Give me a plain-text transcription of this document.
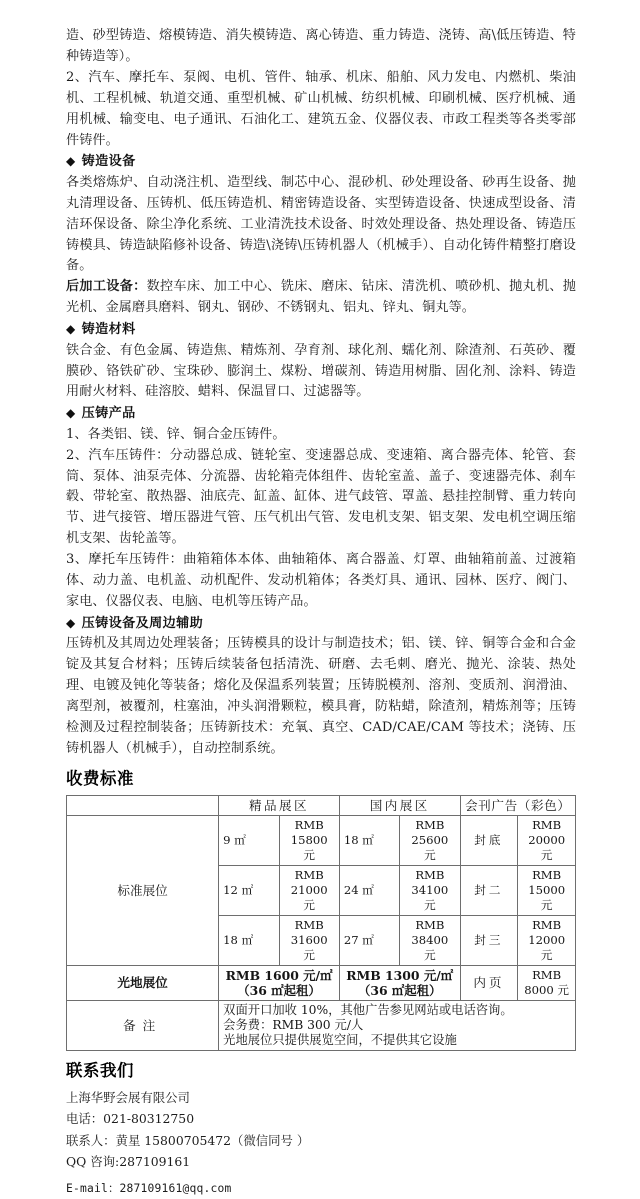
造、砂型铸造、熔模铸造、消失模铸造、离心铸造、重力铸造、浇铸、高\低压铸造、特种铸造等）。

2、汽车、摩托车、泵阀、电机、管件、轴承、机床、船舶、风力发电、内燃机、柴油机、工程机械、轨道交通、重型机械、矿山机械、纺织机械、印刷机械、医疗机械、通用机械、输变电、电子通讯、石油化工、建筑五金、仪器仪表、市政工程类等各类零部件铸件。

◆ 铸造设备

各类熔炼炉、自动浇注机、造型线、制芯中心、混砂机、砂处理设备、砂再生设备、抛丸清理设备、压铸机、低压铸造机、精密铸造设备、实型铸造设备、快速成型设备、清洁环保设备、除尘净化系统、工业清洗技术设备、时效处理设备、热处理设备、铸造压铸模具、铸造缺陷修补设备、铸造\浇铸\压铸机器人（机械手）、自动化铸件精整打磨设备。

后加工设备：数控车床、加工中心、铣床、磨床、钻床、清洗机、喷砂机、抛丸机、抛光机、金属磨具磨料、钢丸、钢砂、不锈钢丸、铝丸、锌丸、铜丸等。

◆ 铸造材料

铁合金、有色金属、铸造焦、精炼剂、孕育剂、球化剂、蠕化剂、除渣剂、石英砂、覆膜砂、铬铁矿砂、宝珠砂、膨润土、煤粉、增碳剂、铸造用树脂、固化剂、涂料、铸造用耐火材料、硅溶胶、蜡料、保温冒口、过滤器等。

◆ 压铸产品

1、各类铝、镁、锌、铜合金压铸件。

2、汽车压铸件：分动器总成、链轮室、变速器总成、变速箱、离合器壳体、轮管、套筒、泵体、油泵壳体、分流器、齿轮箱壳体组件、齿轮室盖、盖子、变速器壳体、刹车毂、带轮室、散热器、油底壳、缸盖、缸体、进气歧管、罩盖、悬挂控制臂、重力转向节、进气接管、增压器进气管、压气机出气管、发电机支架、铝支架、发电机空调压缩机支架、齿轮盖等。

3、摩托车压铸件：曲箱箱体本体、曲轴箱体、离合器盖、灯罩、曲轴箱前盖、过渡箱体、动力盖、电机盖、动机配件、发动机箱体；各类灯具、通讯、园林、医疗、阀门、家电、仪器仪表、电脑、电机等压铸产品。

◆ 压铸设备及周边辅助

压铸机及其周边处理装备；压铸模具的设计与制造技术；铝、镁、锌、铜等合金和合金锭及其复合材料；压铸后续装备包括清洗、研磨、去毛刺、磨光、抛光、涂装、热处理、电镀及钝化等装备；熔化及保温系列装置；压铸脱模剂、溶剂、变质剂、润滑油、离型剂，被覆剂，柱塞油，冲头润滑颗粒，模具膏，防粘蜡，除渣剂，精炼剂等；压铸检测及过程控制装备；压铸新技术：充氧、真空、CAD/CAE/CAM 等技术；浇铸、压铸机器人（机械手），自动控制系统。

收费标准
	精品展区		国内展区		会刊广告（彩色）	
标准展位	9 ㎡	RMB 15800 元	18 ㎡	RMB 25600 元	封底	RMB 20000 元
	12 ㎡	RMB 21000 元	24 ㎡	RMB 34100 元	封二	RMB 15000 元
	18 ㎡	RMB 31600 元	27 ㎡	RMB 38400 元	封三	RMB 12000 元
光地展位	RMB 1600 元/㎡（36 ㎡起租）		RMB 1300 元/㎡（36 ㎡起租）		内页	RMB 8000 元
备注	双面开口加收 10%，其他广告参见网站或电话咨询。
会务费：RMB 300 元/人
光地展位只提供展览空间，不提供其它设施					
联系我们

上海华野会展有限公司

电话：021-80312750

联系人：黄星 15800705472（微信同号 ）

QQ 咨询:287109161

E-mail：287109161@qq.com
